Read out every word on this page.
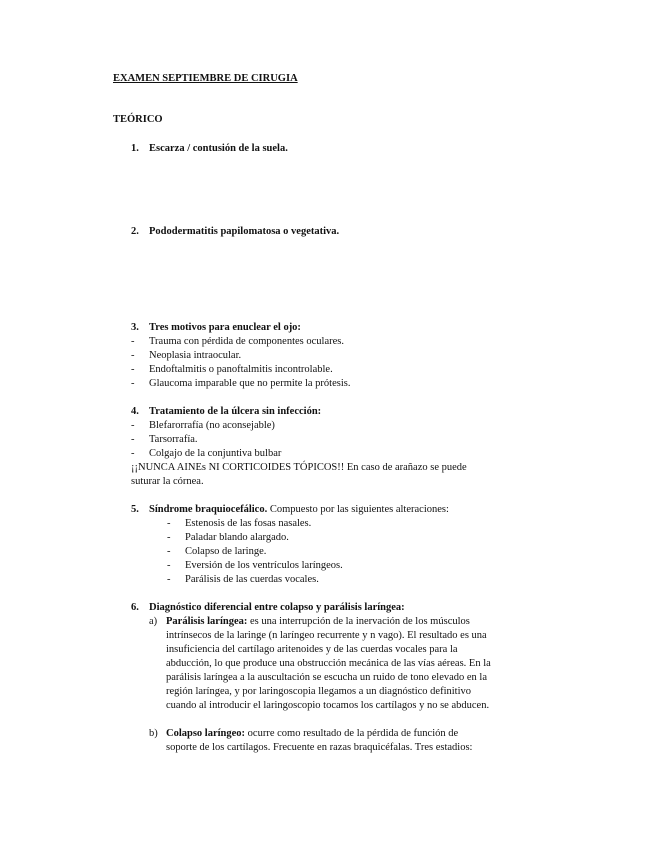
EXAMEN SEPTIEMBRE DE CIRUGIA
TEÓRICO
1. Escarza / contusión de la suela.
2. Pododermatitis papilomatosa o vegetativa.
3. Tres motivos para enuclear el ojo:
- Trauma con pérdida de componentes oculares.
- Neoplasia intraocular.
- Endoftalmitis o panoftalmitis incontrolable.
- Glaucoma imparable que no permite la prótesis.
4. Tratamiento de la úlcera sin infección:
- Blefarorrafía (no aconsejable)
- Tarsorrafía.
- Colgajo de la conjuntiva bulbar
¡¡NUNCA AINEs NI CORTICOIDES TÓPICOS!! En caso de arañazo se puede
suturar la córnea.
5. Síndrome braquiocefálico. Compuesto por las siguientes alteraciones:
- Estenosis de las fosas nasales.
- Paladar blando alargado.
- Colapso de laringe.
- Eversión de los ventrículos laríngeos.
- Parálisis de las cuerdas vocales.
6. Diagnóstico diferencial entre colapso y parálisis laríngea:
a) Parálisis laríngea: es una interrupción de la inervación de los músculos
intrínsecos de la laringe (n laríngeo recurrente y n vago). El resultado es una
insuficiencia del cartílago aritenoides y de las cuerdas vocales para la
abducción, lo que produce una obstrucción mecánica de las vías aéreas. En la
parálisis laríngea a la auscultación se escucha un ruido de tono elevado en la
región laríngea, y por laringoscopia llegamos a un diagnóstico definitivo
cuando al introducir el laringoscopio tocamos los cartílagos y no se abducen.
b) Colapso laríngeo: ocurre como resultado de la pérdida de función de
soporte de los cartílagos. Frecuente en razas braquicéfalas. Tres estadios:
